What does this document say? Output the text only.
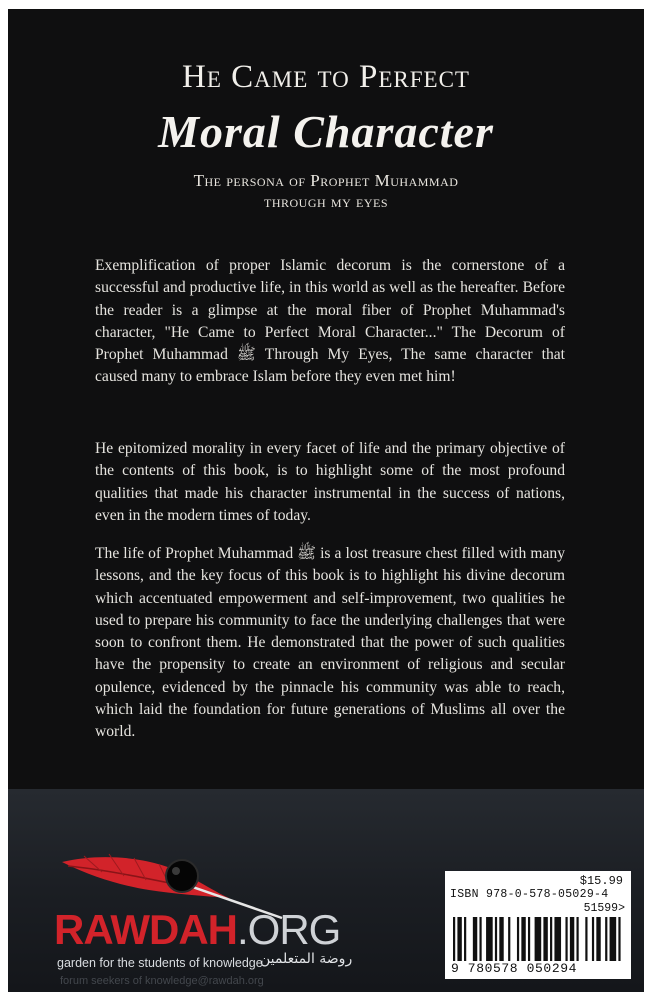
He Came to Perfect
Moral Character
The persona of Prophet Muhammad
through my eyes
Exemplification of proper Islamic decorum is the cornerstone of a successful and productive life, in this world as well as the hereafter. Before the reader is a glimpse at the moral fiber of Prophet Muhammad's character, "He Came to Perfect Moral Character..." The Decorum of Prophet Muhammad ﷺ Through My Eyes, The same character that caused many to embrace Islam before they even met him!
He epitomized morality in every facet of life and the primary objective of the contents of this book, is to highlight some of the most profound qualities that made his character instrumental in the success of nations, even in the modern times of today.
The life of Prophet Muhammad ﷺ is a lost treasure chest filled with many lessons, and the key focus of this book is to highlight his divine decorum which accentuated empowerment and self-improvement, two qualities he used to prepare his community to face the underlying challenges that were soon to confront them. He demonstrated that the power of such qualities have the propensity to create an environment of religious and secular opulence, evidenced by the pinnacle his community was able to reach, which laid the foundation for future generations of Muslims all over the world.
RAWDAH.ORG
garden for the students of knowledge
روضة المتعلمين
forum seekers of knowledge@rawdah.org
$15.99
ISBN 978-0-578-05029-4
51599>
9 780578 050294
